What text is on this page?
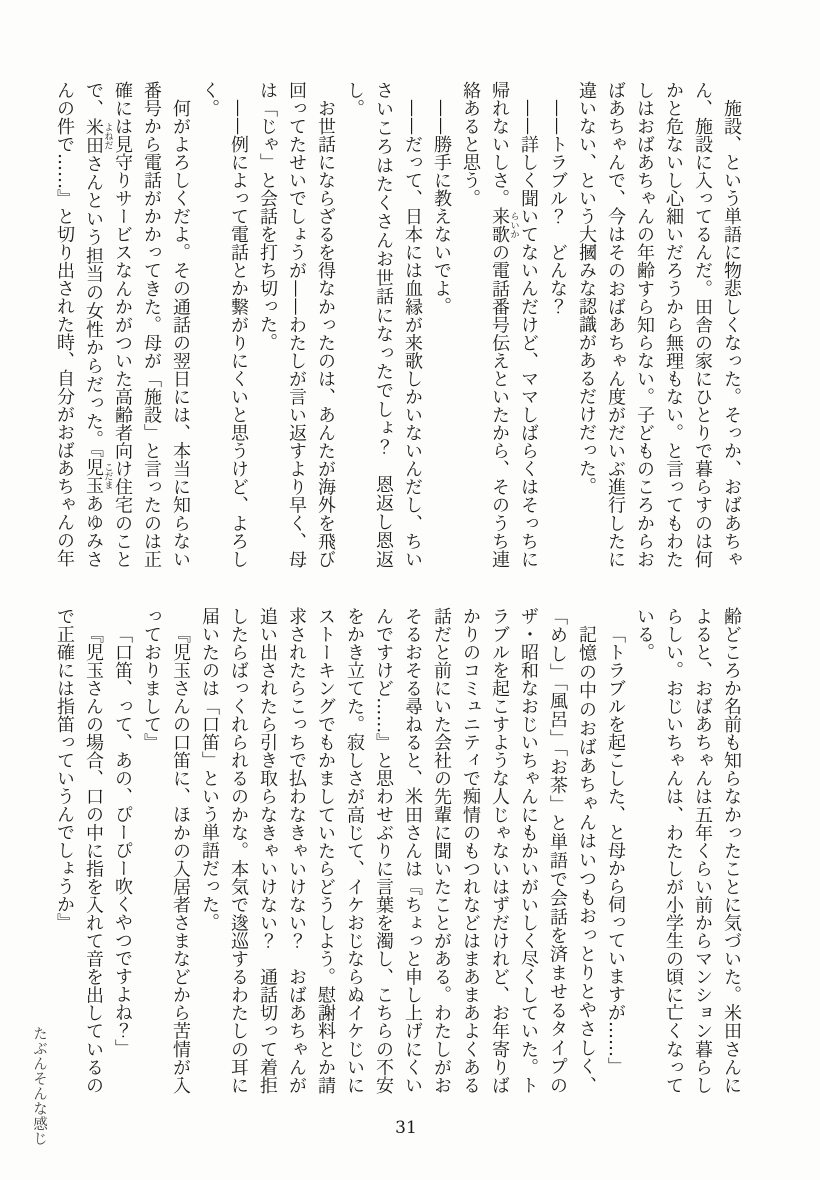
施設、という単語に物悲しくなった。そっか、おばあちゃん、施設に入ってるんだ。田舎の家にひとりで暮らすのは何かと危ないし心細いだろうから無理もない。と言ってもわたしはおばあちゃんの年齢すら知らない。子どものころからおばあちゃんで、今はそのおばあちゃん度がだいぶ進行したに違いない、という大摑みな認識があるだけだった。

——トラブル？　どんな？

——詳しく聞いてないんだけど、ママしばらくはそっちに帰れないしさ。来歌らいかの電話番号伝えといたから、そのうち連絡あると思う。

——勝手に教えないでよ。

——だって、日本には血縁が来歌しかいないんだし、ちいさいころはたくさんお世話になったでしょ？　恩返し恩返し。

お世話にならざるを得なかったのは、あんたが海外を飛び回ってたせいでしょうが——わたしが言い返すより早く、母は「じゃ」と会話を打ち切った。

——例によって電話とか繋がりにくいと思うけど、よろしく。

何がよろしくだよ。その通話の翌日には、本当に知らない番号から電話がかかってきた。母が「施設」と言ったのは正確には見守りサービスなんかがついた高齢者向け住宅のことで、米田よねださんという担当の女性からだった。『児玉こだまあゆみさんの件で……』と切り出された時、自分がおばあちゃんの年

齢どころか名前も知らなかったことに気づいた。米田さんによると、おばあちゃんは五年くらい前からマンション暮らしらしい。おじいちゃんは、わたしが小学生の頃に亡くなっている。

「トラブルを起こした、と母から伺っていますが……」

記憶の中のおばあちゃんはいつもおっとりとやさしく、「めし」「風呂」「お茶」と単語で会話を済ませるタイプのザ・昭和なおじいちゃんにもかいがいしく尽くしていた。トラブルを起こすような人じゃないはずだけれど、お年寄りばかりのコミュニティで痴情のもつれなどはまあまあよくある話だと前にいた会社の先輩に聞いたことがある。わたしがおそるおそる尋ねると、米田さんは『ちょっと申し上げにくいんですけど……』と思わせぶりに言葉を濁し、こちらの不安をかき立てた。寂しさが高じて、イケおじならぬイケじいにストーキングでもかましていたらどうしよう。慰謝料とか請求されたらこっちで払わなきゃいけない？　おばあちゃんが追い出されたら引き取らなきゃいけない？　通話切って着拒したらばっくれられるのかな。本気で逡巡するわたしの耳に届いたのは「口笛」という単語だった。

『児玉さんの口笛に、ほかの入居者さまなどから苦情が入っておりまして』

「口笛、って、あの、ぴーぴー吹くやつですよね？」

『児玉さんの場合、口の中に指を入れて音を出しているので正確には指笛っていうんでしょうか』

たぶんそんな感じ	31
